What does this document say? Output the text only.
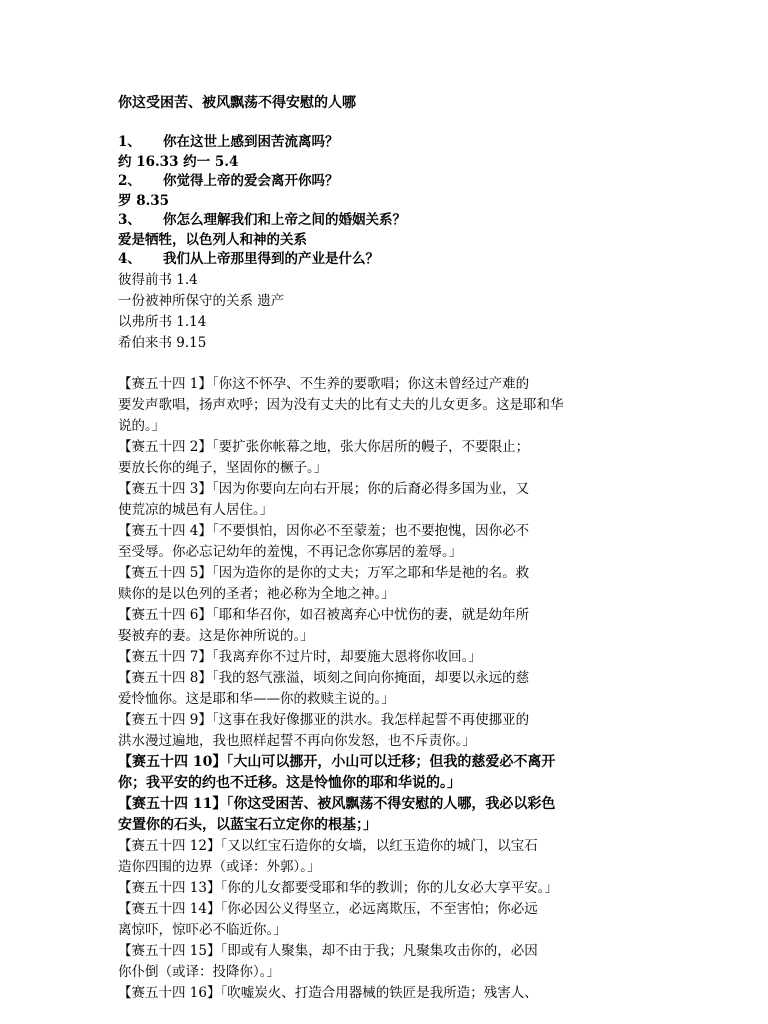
你这受困苦、被风飘荡不得安慰的人哪
1、	你在这世上感到困苦流离吗？
约 16.33 约一 5.4
2、	你觉得上帝的爱会离开你吗？
罗 8.35
3、	你怎么理解我们和上帝之间的婚姻关系？
爱是牺牲，以色列人和神的关系
4、	我们从上帝那里得到的产业是什么？
彼得前书 1.4
一份被神所保守的关系 遗产
以弗所书 1.14
希伯来书 9.15
【赛五十四 1】「你这不怀孕、不生养的要歌唱；你这未曾经过产难的
要发声歌唱，扬声欢呼；因为没有丈夫的比有丈夫的儿女更多。这是耶和华
说的。」
【赛五十四 2】「要扩张你帐幕之地，张大你居所的幔子，不要限止；
要放长你的绳子，坚固你的橛子。」
【赛五十四 3】「因为你要向左向右开展；你的后裔必得多国为业，又
使荒凉的城邑有人居住。」
【赛五十四 4】「不要惧怕，因你必不至蒙羞；也不要抱愧，因你必不
至受辱。你必忘记幼年的羞愧，不再记念你寡居的羞辱。」
【赛五十四 5】「因为造你的是你的丈夫；万军之耶和华是祂的名。救
赎你的是以色列的圣者；祂必称为全地之神。」
【赛五十四 6】「耶和华召你，如召被离弃心中忧伤的妻，就是幼年所
娶被弃的妻。这是你神所说的。」
【赛五十四 7】「我离弃你不过片时，却要施大恩将你收回。」
【赛五十四 8】「我的怒气涨溢，顷刻之间向你掩面，却要以永远的慈
爱怜恤你。这是耶和华——你的救赎主说的。」
【赛五十四 9】「这事在我好像挪亚的洪水。我怎样起誓不再使挪亚的
洪水漫过遍地，我也照样起誓不再向你发怒，也不斥责你。」
【赛五十四 10】「大山可以挪开，小山可以迁移；但我的慈爱必不离开
你；我平安的约也不迁移。这是怜恤你的耶和华说的。」
【赛五十四 11】「你这受困苦、被风飘荡不得安慰的人哪，我必以彩色
安置你的石头，以蓝宝石立定你的根基；」
【赛五十四 12】「又以红宝石造你的女墙，以红玉造你的城门，以宝石
造你四围的边界（或译：外郭）。」
【赛五十四 13】「你的儿女都要受耶和华的教训；你的儿女必大享平安。」
【赛五十四 14】「你必因公义得坚立，必远离欺压，不至害怕；你必远
离惊吓，惊吓必不临近你。」
【赛五十四 15】「即或有人聚集，却不由于我；凡聚集攻击你的，必因
你仆倒（或译：投降你）。」
【赛五十四 16】「吹嘘炭火、打造合用器械的铁匠是我所造；残害人、
